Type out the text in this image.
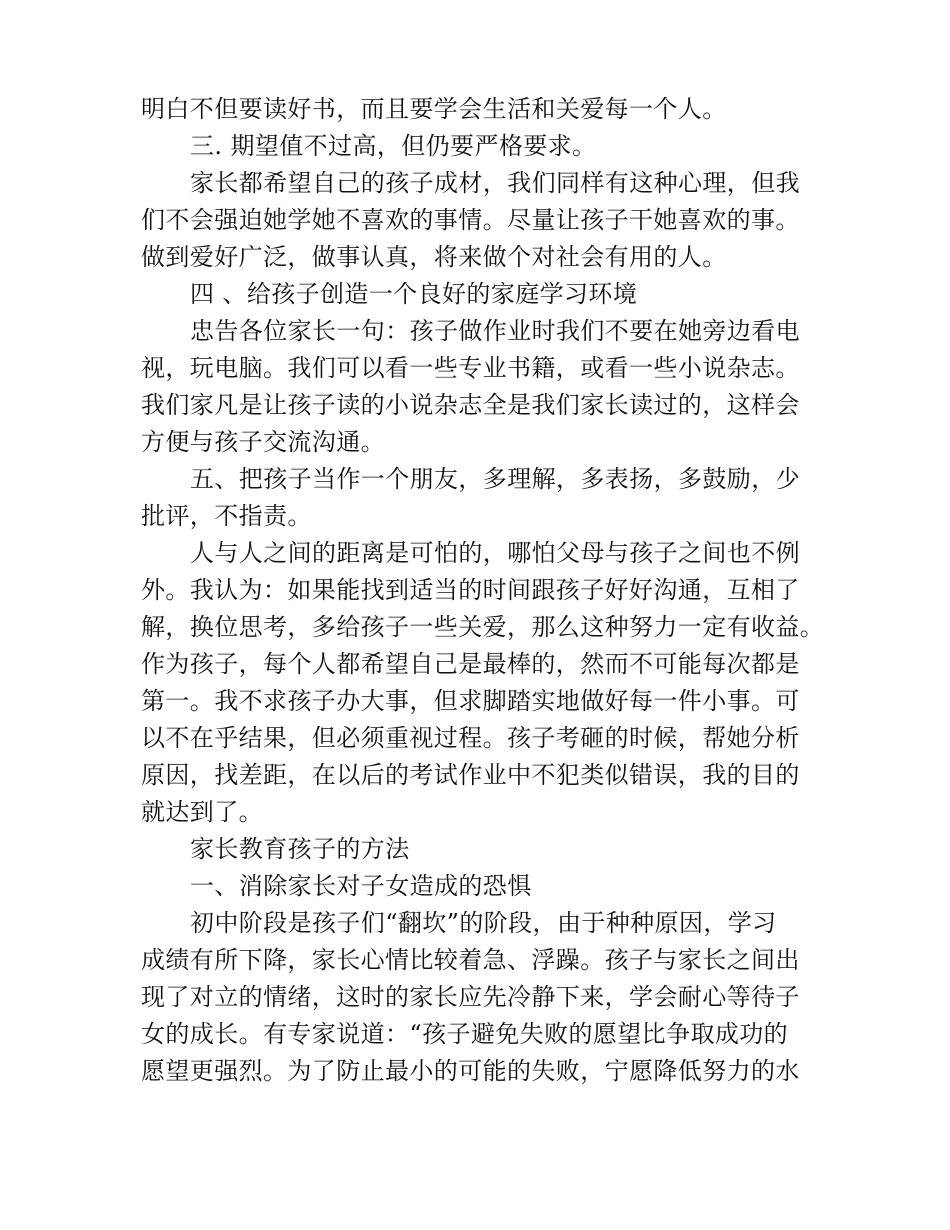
明白不但要读好书，而且要学会生活和关爱每一个人。
三. 期望值不过高，但仍要严格要求。
家长都希望自己的孩子成材，我们同样有这种心理，但我
们不会强迫她学她不喜欢的事情。尽量让孩子干她喜欢的事。
做到爱好广泛，做事认真，将来做个对社会有用的人。
四 、给孩子创造一个良好的家庭学习环境
忠告各位家长一句：孩子做作业时我们不要在她旁边看电
视，玩电脑。我们可以看一些专业书籍，或看一些小说杂志。
我们家凡是让孩子读的小说杂志全是我们家长读过的，这样会
方便与孩子交流沟通。
五、把孩子当作一个朋友，多理解，多表扬，多鼓励，少
批评，不指责。
人与人之间的距离是可怕的，哪怕父母与孩子之间也不例
外。我认为：如果能找到适当的时间跟孩子好好沟通，互相了
解，换位思考，多给孩子一些关爱，那么这种努力一定有收益。
作为孩子，每个人都希望自己是最棒的，然而不可能每次都是
第一。我不求孩子办大事，但求脚踏实地做好每一件小事。可
以不在乎结果，但必须重视过程。孩子考砸的时候，帮她分析
原因，找差距，在以后的考试作业中不犯类似错误，我的目的
就达到了。
家长教育孩子的方法
一、消除家长对子女造成的恐惧
初中阶段是孩子们“翻坎”的阶段，由于种种原因，学习
成绩有所下降，家长心情比较着急、浮躁。孩子与家长之间出
现了对立的情绪，这时的家长应先冷静下来，学会耐心等待子
女的成长。有专家说道：“孩子避免失败的愿望比争取成功的
愿望更强烈。为了防止最小的可能的失败，宁愿降低努力的水
